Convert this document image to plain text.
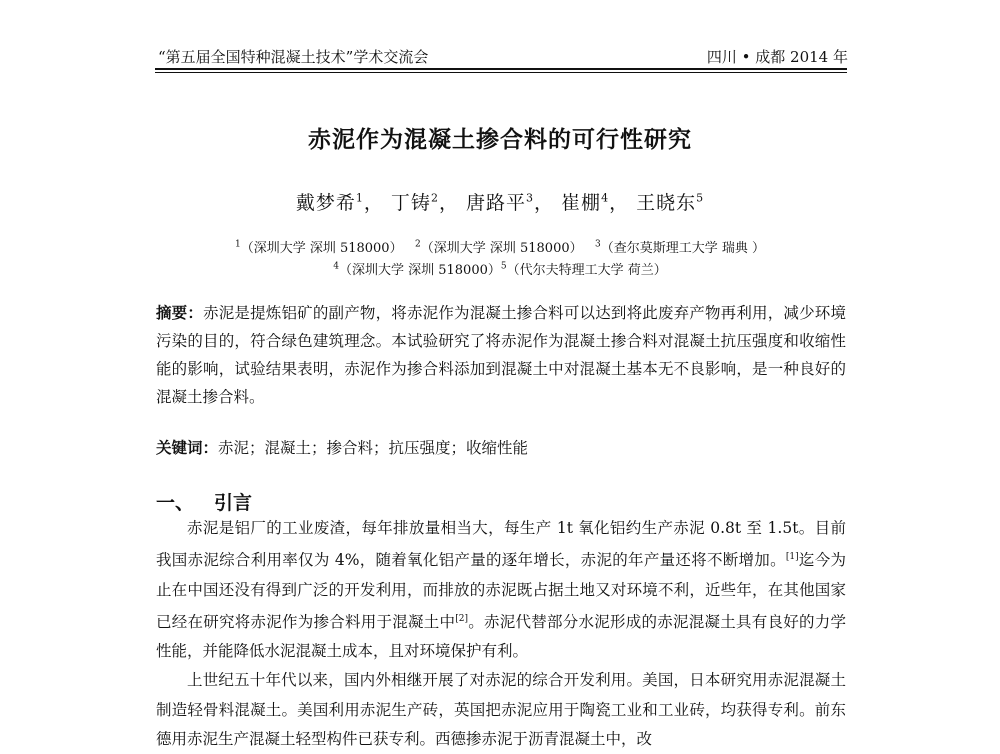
“第五届全国特种混凝土技术”学术交流会	四川 • 成都 2014 年
赤泥作为混凝土掺合料的可行性研究
戴梦希$^1$， 丁铸$^2$， 唐路平$^3$， 崔棚$^4$， 王晓东$^5$
$^1$（深圳大学 深圳 518000） $^2$（深圳大学 深圳 518000） $^3$（查尔莫斯理工大学 瑞典 ）
$^4$（深圳大学 深圳 518000）$^5$（代尔夫特理工大学 荷兰）
摘要：赤泥是提炼铝矿的副产物，将赤泥作为混凝土掺合料可以达到将此废弃产物再利用，减少环境污染的目的，符合绿色建筑理念。本试验研究了将赤泥作为混凝土掺合料对混凝土抗压强度和收缩性能的影响，试验结果表明，赤泥作为掺合料添加到混凝土中对混凝土基本无不良影响，是一种良好的混凝土掺合料。
关键词：赤泥；混凝土；掺合料；抗压强度；收缩性能
一、 引言

赤泥是铝厂的工业废渣，每年排放量相当大，每生产 1t 氧化铝约生产赤泥 0.8t 至 1.5t。目前我国赤泥综合利用率仅为 4%，随着氧化铝产量的逐年增长，赤泥的年产量还将不断增加。[1]迄今为止在中国还没有得到广泛的开发利用，而排放的赤泥既占据土地又对环境不利，近些年，在其他国家已经在研究将赤泥作为掺合料用于混凝土中[2]。赤泥代替部分水泥形成的赤泥混凝土具有良好的力学性能，并能降低水泥混凝土成本，且对环境保护有利。

上世纪五十年代以来，国内外相继开展了对赤泥的综合开发利用。美国，日本研究用赤泥混凝土制造轻骨料混凝土。美国利用赤泥生产砖，英国把赤泥应用于陶瓷工业和工业砖，均获得专利。前东德用赤泥生产混凝土轻型构件已获专利。西德掺赤泥于沥青混凝土中，改
